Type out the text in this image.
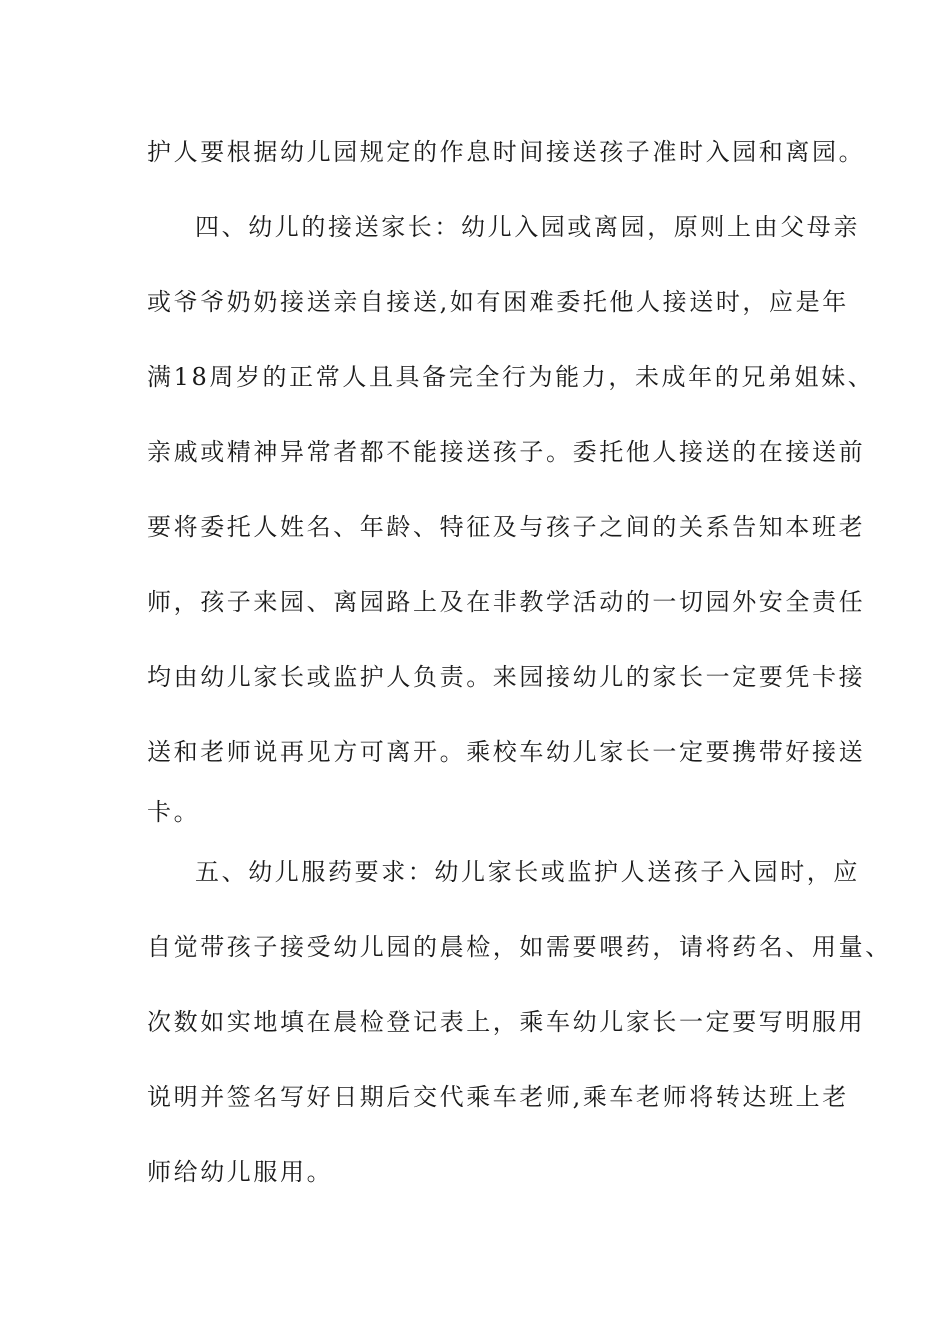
护人要根据幼儿园规定的作息时间接送孩子准时入园和离园。
四、幼儿的接送家长：幼儿入园或离园，原则上由父母亲
或爷爷奶奶接送亲自接送,如有困难委托他人接送时，应是年
满18周岁的正常人且具备完全行为能力，未成年的兄弟姐妹、
亲戚或精神异常者都不能接送孩子。委托他人接送的在接送前
要将委托人姓名、年龄、特征及与孩子之间的关系告知本班老
师，孩子来园、离园路上及在非教学活动的一切园外安全责任
均由幼儿家长或监护人负责。来园接幼儿的家长一定要凭卡接
送和老师说再见方可离开。乘校车幼儿家长一定要携带好接送
卡。
五、幼儿服药要求：幼儿家长或监护人送孩子入园时，应
自觉带孩子接受幼儿园的晨检，如需要喂药，请将药名、用量、
次数如实地填在晨检登记表上，乘车幼儿家长一定要写明服用
说明并签名写好日期后交代乘车老师,乘车老师将转达班上老
师给幼儿服用。
